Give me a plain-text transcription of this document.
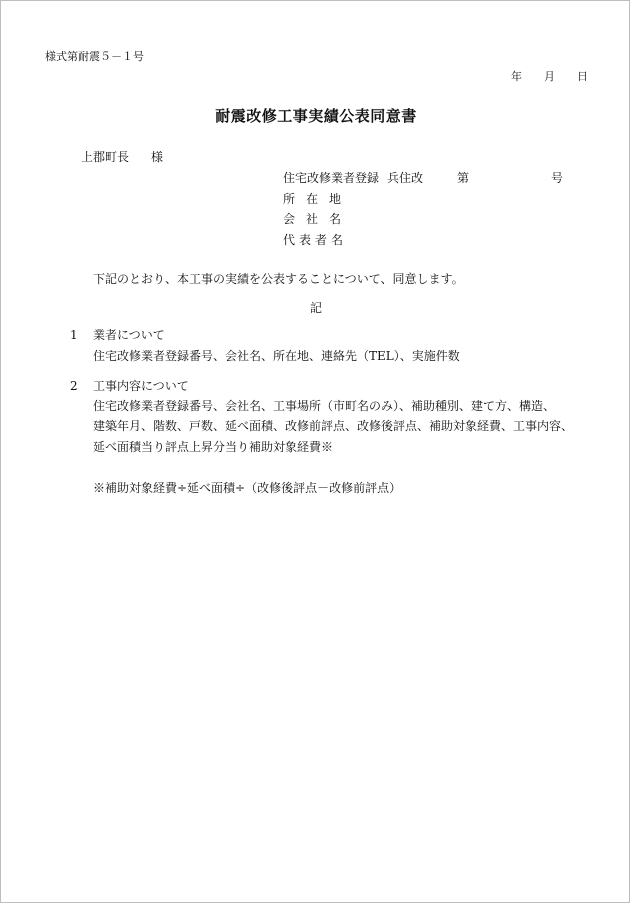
様式第耐震５－１号
年 月 日
耐震改修工事実績公表同意書
上郡町長 様
住宅改修業者登録 兵住改	第	号
所 在 地
会 社 名
代 表 者 名
下記のとおり、本工事の実績を公表することについて、同意します。
記
1 業者について
住宅改修業者登録番号、会社名、所在地、連絡先（TEL）、実施件数
2 工事内容について
住宅改修業者登録番号、会社名、工事場所（市町名のみ）、補助種別、建て方、構造、
建築年月、階数、戸数、延べ面積、改修前評点、改修後評点、補助対象経費、工事内容、
延べ面積当り評点上昇分当り補助対象経費※
※補助対象経費÷延べ面積÷（改修後評点－改修前評点）
